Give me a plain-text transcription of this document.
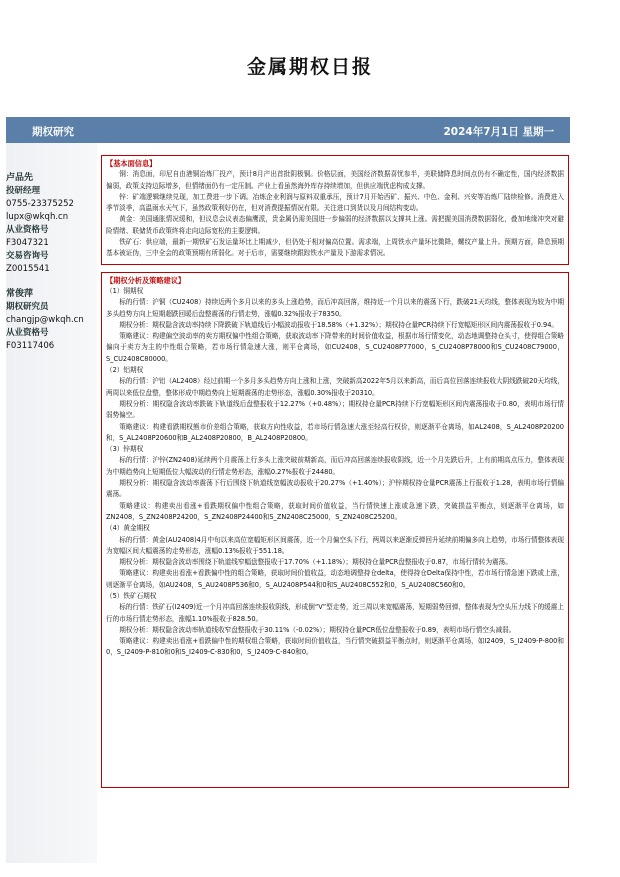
金属期权日报
期权研究	2024年7月1日 星期一
卢品先
投研经理
0755-23375252
lupx@wkqh.cn
从业资格号
F3047321
交易咨询号
Z0015541
常俊萍
期权研究员
changjp@wkqh.cn
从业资格号
F03117406
【基本面信息】

铜：消息面，印尼自由港铜冶炼厂投产，预计8月产出首批阴极铜。价格层面，美国经济数据喜忧参半，美联储降息时间点仍有不确定性，国内经济数据偏弱，政策支持边际增多，但情绪面仍有一定压制。产业上看虽然海外库存持续增加，但供应端优虑构成支撑。

锌：矿端逻辑继续兑现，加工费进一步下调。冶炼企业利润与原料双重承压，预计7月开始西矿、振兴、中色、金利、兴安等冶炼厂陆续检修。消费进入季节淡季，高温雨水天气下，虽然政策利好仍在，但对消费提振情况有限。关注进口到货以及月间结构变动。

黄金：美国通胀情况缓和，但议息会议表态偏鹰派，贵金属仍需美国进一步偏弱的经济数据以支撑其上涨。需把握美国消费数据弱化，叠加地缘冲突对避险情绪、联储货币政策终将走向边际宽松的主要逻辑。

铁矿石：供应端，最新一期铁矿石发运量环比上期减少，但仍处于相对偏高位置。需求端，上周铁水产量环比微降，螺纹产量上升。预期方面，降息预期基本被证伪，三中全会的政策预期有所弱化。对于后市，需要继续跟踪铁水产量及下游需求情况。

【期权分析及策略建议】

（1）铜期权

标的行情：沪铜（CU2408）持续近两个多月以来的多头上涨趋势，而后冲高回落，维持近一个月以来的震荡下行，跌破21天均线，整体表现为较为中期多头趋势方向上短期超跌回暖后盘整震荡的行情走势，涨幅0.32%报收于78350。

期权分析：期权隐含波动率持续下降跌破下轨道线后小幅波动报收于18.58%（+1.32%）；期权持仓量PCR持续下行宽幅矩形区间内震荡报收于0.94。

策略建议：构建偏空波动率的卖方期权偏中性组合策略，获取波动率下降带来的时间价值收益，根据市场行情变化，动态地调整持仓头寸，使得组合策略偏向于卖方为主的中性组合策略，若市场行情急速大涨，则平仓离场，如CU2408，S_CU2408P77000，S_CU2408P78000和S_CU2408C79000，S_CU2408C80000。

（2）铝期权

标的行情：沪铝（AL2408）经过前期一个多月多头趋势方向上涨和上涨，突破新高2022年5月以来新高，而后高位回落连续报收大阴线跌破20天均线，两周以来低位盘整，整体形成中期趋势向上短期震荡的走势形态，涨幅0.30%报收于20310。

期权分析：期权隐含波动率跌破下轨道线后盘整报收于12.27%（+0.48%）；期权持仓量PCR持续下行宽幅矩形区间内震荡报收于0.80，表明市场行情弱势偏空。

策略建议：构建看跌期权熊市价差组合策略，获取方向性收益，若市场行情急速大涨至轻高行权价，则逐渐平仓离场，如AL2408，S_AL2408P20200和，S_AL2408P20600和B_AL2408P20800，B_AL2408P20800。

（3）锌期权

标的行情：沪锌(ZN2408)延续两个月震荡上行多头上涨突破前期新高，而后冲高回落连续报收阴线，近一个月先跌后升，上有前期高点压力，整体表现为中期趋势向上短期低位大幅波动的行情走势形态，涨幅0.27%报收于24480。

期权分析：期权隐含波动率震荡下行后围绕下轨道线宽幅波动报收于20.27%（+1.40%）；沪锌期权持仓量PCR震荡上行报收于1.28，表明市场行情偏震荡。

策略建议：构建卖出看涨+看跌期权偏中性组合策略，获取时间价值收益，当行情快速上涨或急速下跌，突破损益平衡点，则逐渐平仓离场，如ZN2408，S_ZN2408P24200，S_ZN2408P24400和S_ZN2408C25000，S_ZN2408C25200。

（4）黄金期权

标的行情：黄金(AU2408)4月中旬以来高位宽幅矩形区间震荡，近一个月偏空头下行，两周以来逐渐反弹回升延续前期偏多向上趋势，市场行情整体表现为宽幅区间大幅震荡的走势形态，涨幅0.13%报收于551.18。

期权分析：期权隐含波动率围绕下轨道线窄幅盘整报收于17.70%（+1.18%）；期权持仓量PCR盘整报收于0.87，市场行情转为震荡。

策略建议：构建卖出看涨+看跌偏中性的组合策略，获取时间价值收益，动态地调整持仓delta，使得持仓Delta保持中性，若市场行情急速下跌或上涨，则逐渐平仓离场，如AU2408，S_AU2408P536和0，S_AU2408P544和0和S_AU2408C552和0，S_AU2408C560和0。

（5）铁矿石期权

标的行情：铁矿石(I2409)近一个月冲高回落连续报收阴线，形成倒“V”型走势，近三周以来宽幅震荡，短期弱势回弹，整体表现为空头压力线下的缓震上行的市场行情走势形态，涨幅1.10%报收于828.50。

期权分析：期权隐含波动率轨道线收窄盘整报收于30.11%（-0.02%）；期权持仓量PCR低位盘整报收于0.89，表明市场行情空头减弱。

策略建议：构建卖出看涨+看跌偏中性的期权组合策略，获取时间价值收益，当行情突破损益平衡点时，则逐渐平仓离场，如I2409，S_I2409-P-800和0，S_I2409-P-810和0和S_I2409-C-830和0，S_I2409-C-840和0。
